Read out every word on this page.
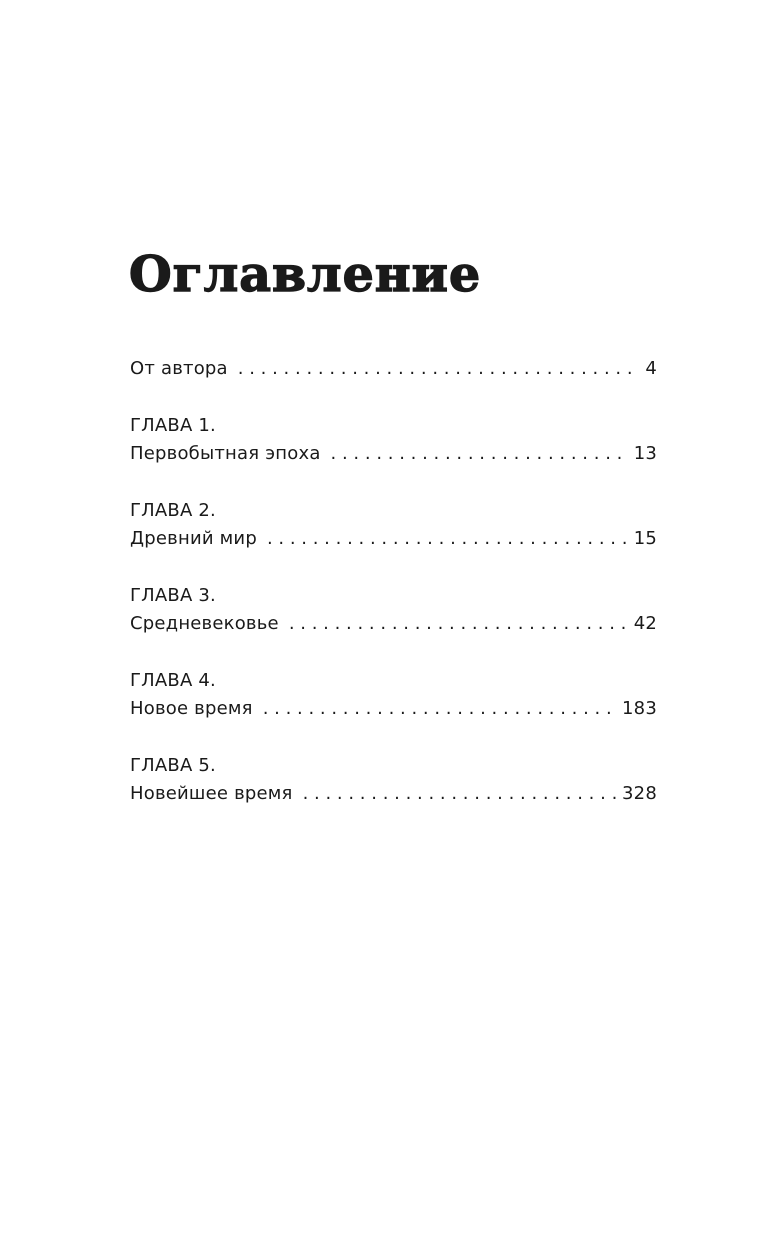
Оглавление
От автора . . .	4
ГЛАВА 1.
Первобытная эпоха . . .	13
ГЛАВА 2.
Древний мир . . .	15
ГЛАВА 3.
Средневековье . . .	42
ГЛАВА 4.
Новое время . . .	183
ГЛАВА 5.
Новейшее время . . .	328
